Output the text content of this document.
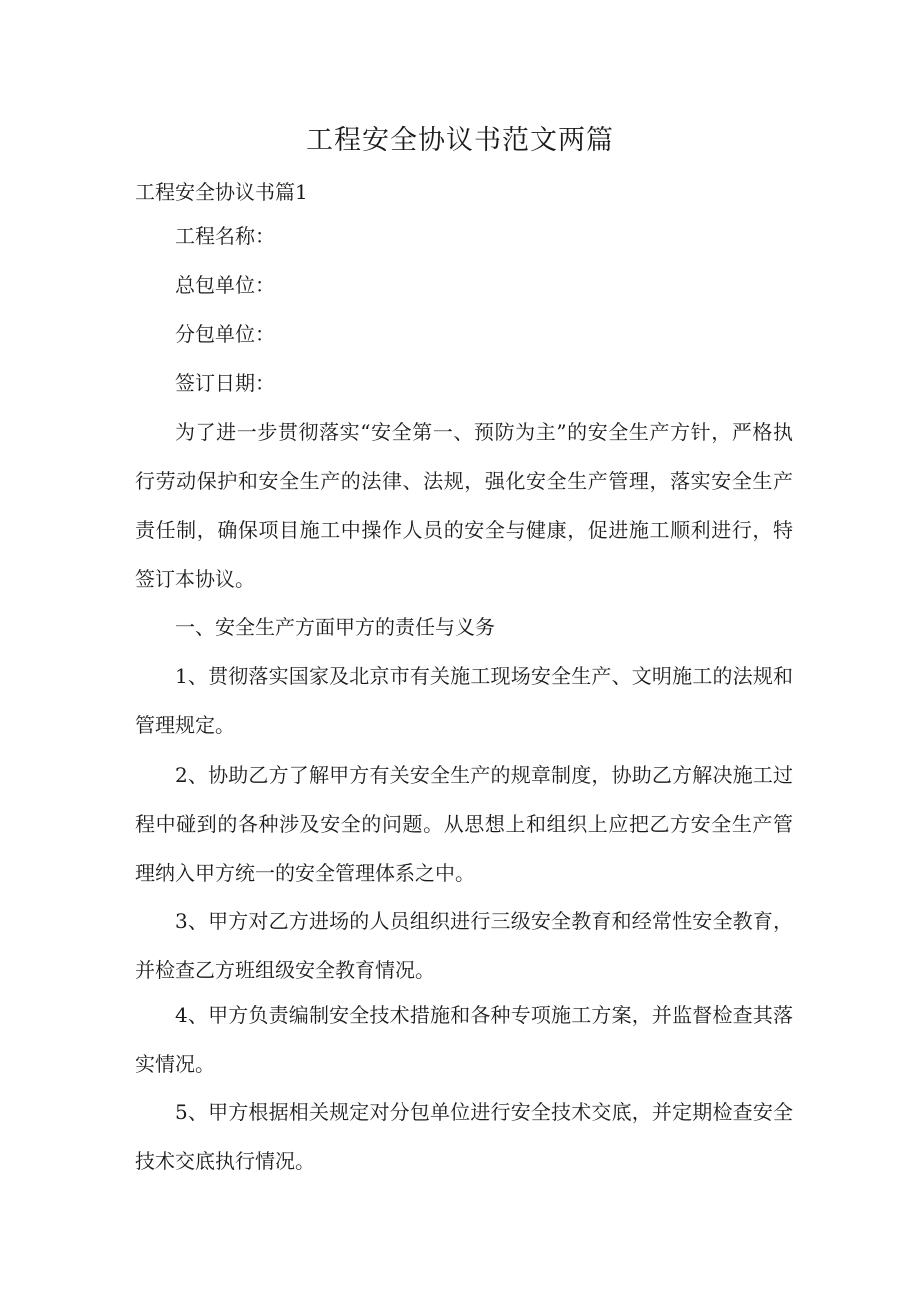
工程安全协议书范文两篇

工程安全协议书篇1

工程名称：

总包单位：

分包单位：

签订日期：

为了进一步贯彻落实“安全第一、预防为主”的安全生产方针，严格执行劳动保护和安全生产的法律、法规，强化安全生产管理，落实安全生产责任制，确保项目施工中操作人员的安全与健康，促进施工顺利进行，特签订本协议。

一、安全生产方面甲方的责任与义务

1、贯彻落实国家及北京市有关施工现场安全生产、文明施工的法规和管理规定。

2、协助乙方了解甲方有关安全生产的规章制度，协助乙方解决施工过程中碰到的各种涉及安全的问题。从思想上和组织上应把乙方安全生产管理纳入甲方统一的安全管理体系之中。

3、甲方对乙方进场的人员组织进行三级安全教育和经常性安全教育，并检查乙方班组级安全教育情况。

4、甲方负责编制安全技术措施和各种专项施工方案，并监督检查其落实情况。

5、甲方根据相关规定对分包单位进行安全技术交底，并定期检查安全技术交底执行情况。
